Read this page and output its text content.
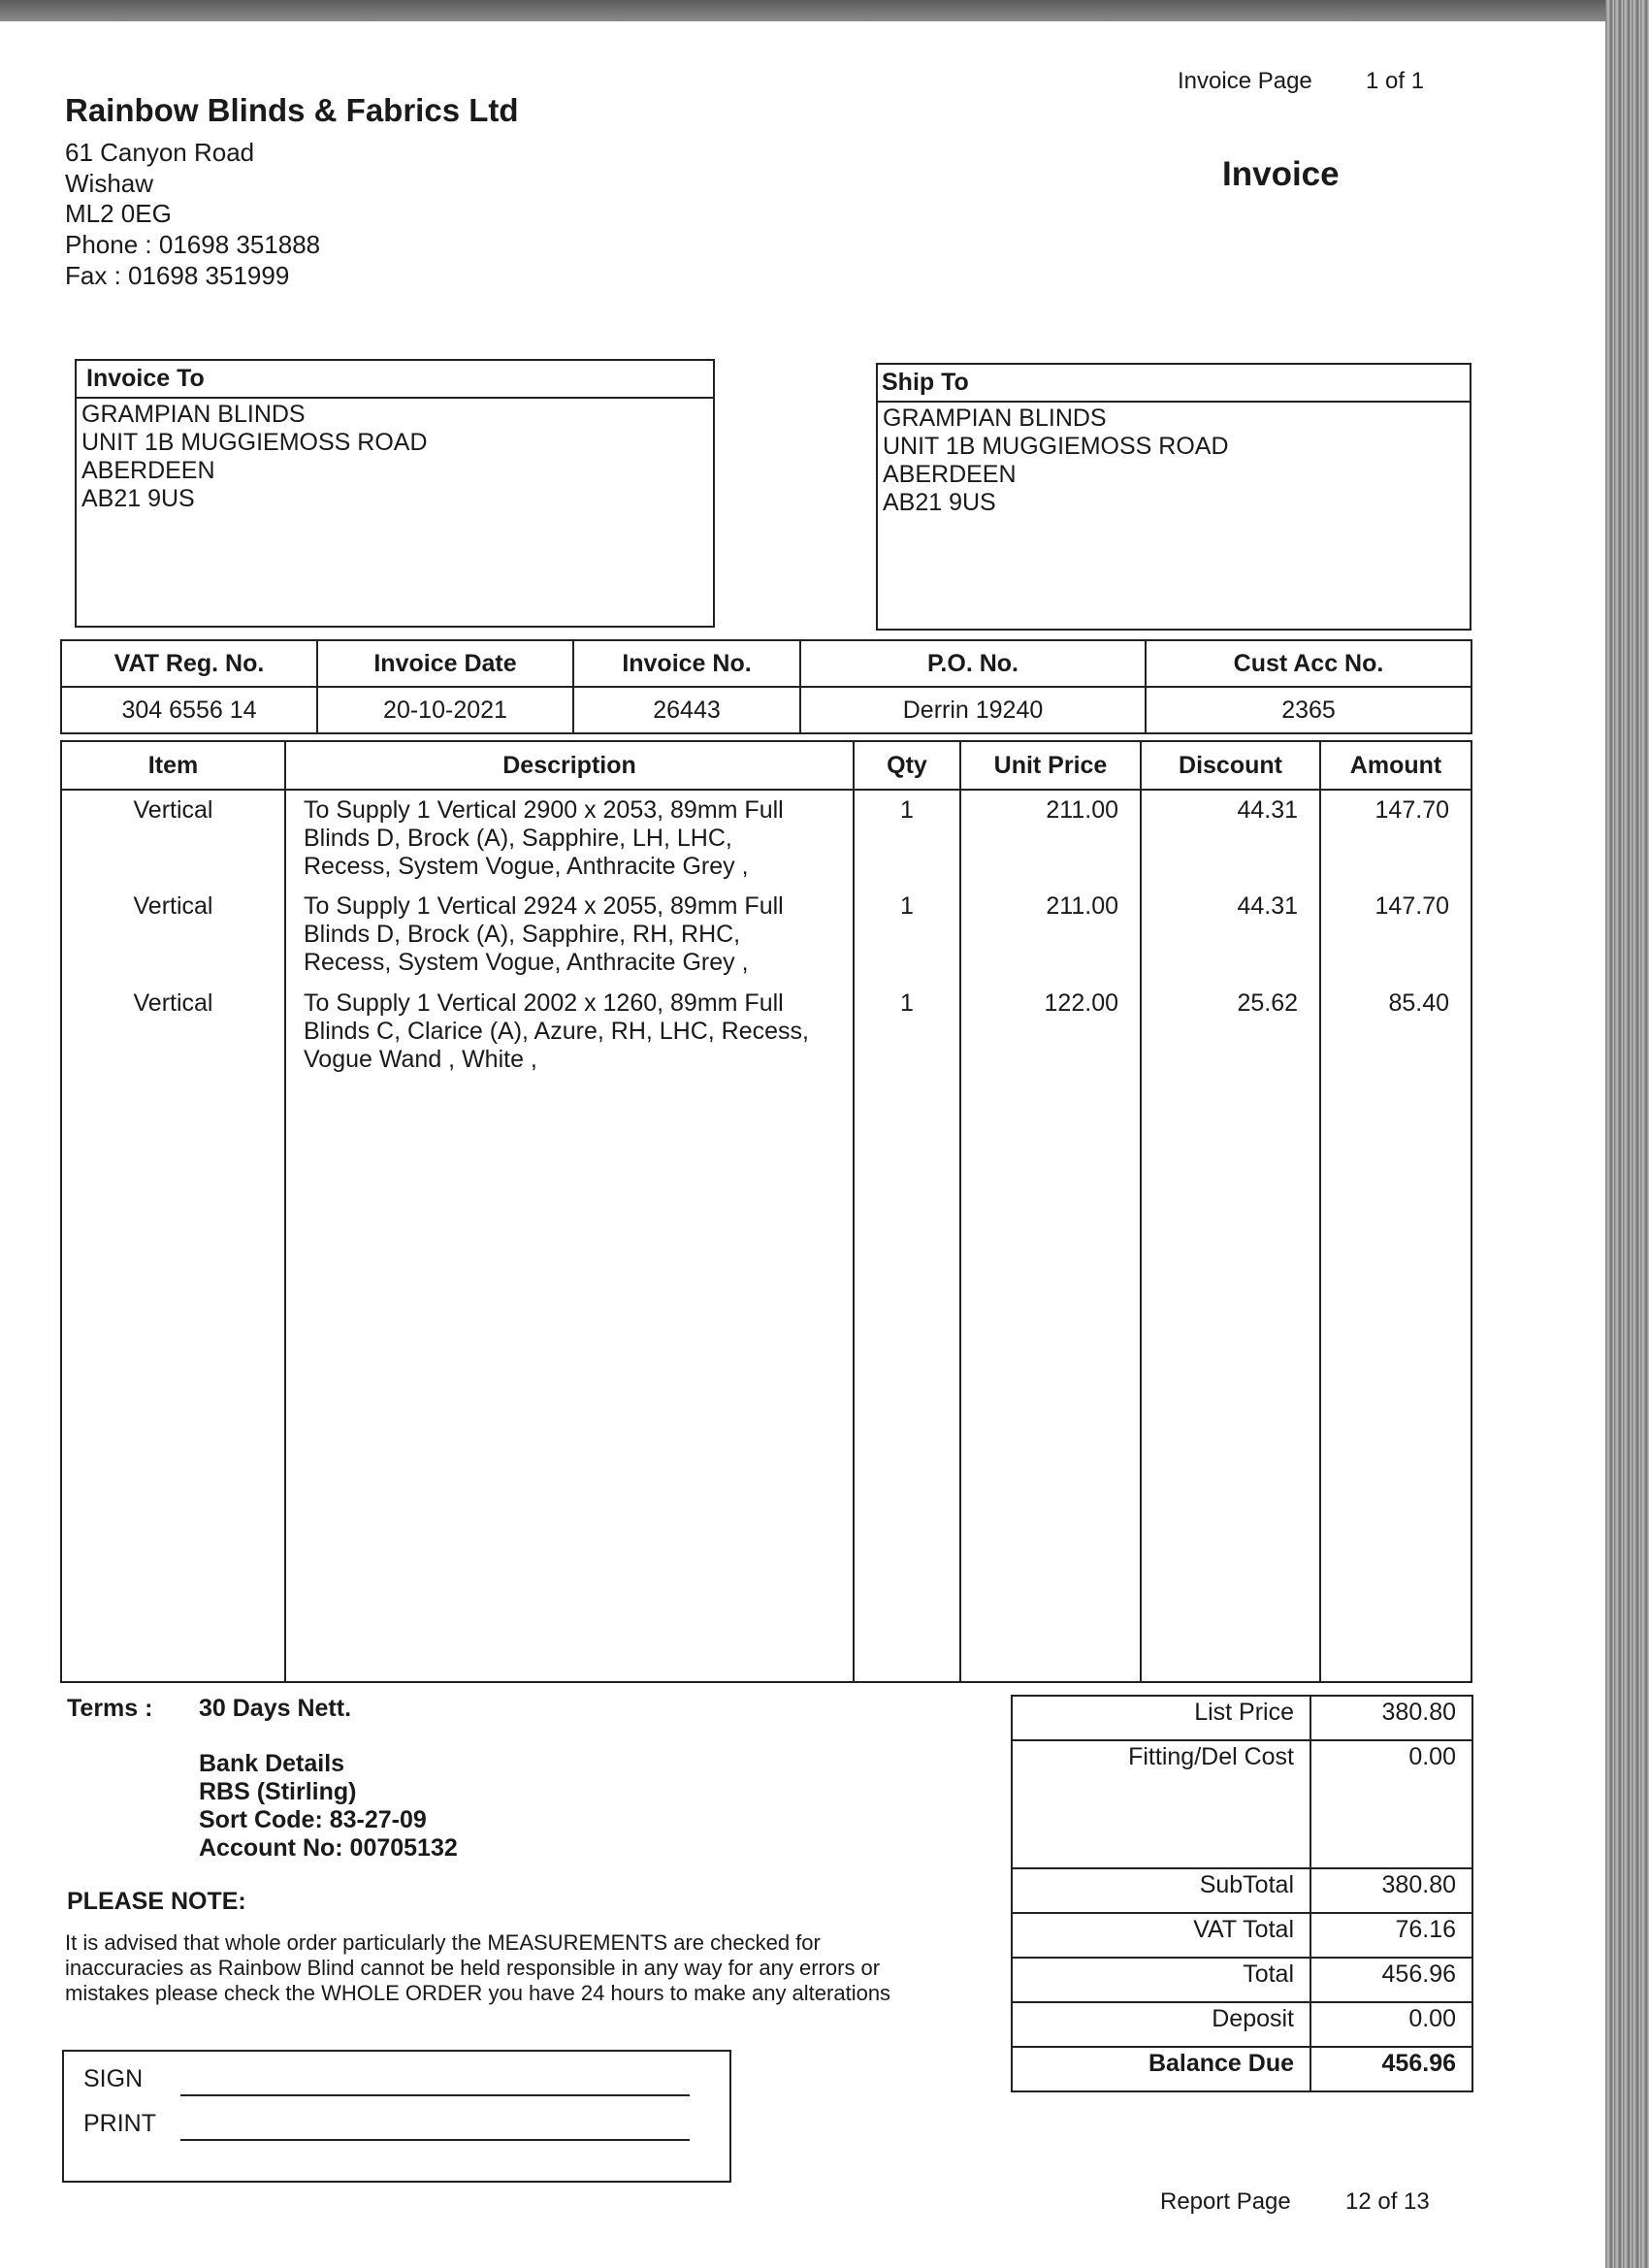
Invoice Page 1 of 1
Rainbow Blinds & Fabrics Ltd
61 Canyon Road
Wishaw
ML2 0EG
Phone : 01698 351888
Fax : 01698 351999
Invoice
Invoice To
GRAMPIAN BLINDS
UNIT 1B MUGGIEMOSS ROAD
ABERDEEN
AB21 9US
Ship To
GRAMPIAN BLINDS
UNIT 1B MUGGIEMOSS ROAD
ABERDEEN
AB21 9US
VAT Reg. No.	Invoice Date	Invoice No.	P.O. No.	Cust Acc No.
304 6556 14	20-10-2021	26443	Derrin 19240	2365
Item	Description	Qty	Unit Price	Discount	Amount
Vertical	To Supply 1 Vertical 2900 x 2053, 89mm Full
Blinds D, Brock (A), Sapphire, LH, LHC,
Recess, System Vogue, Anthracite Grey ,	1	211.00	44.31	147.70
Vertical	To Supply 1 Vertical 2924 x 2055, 89mm Full
Blinds D, Brock (A), Sapphire, RH, RHC,
Recess, System Vogue, Anthracite Grey ,	1	211.00	44.31	147.70
Vertical	To Supply 1 Vertical 2002 x 1260, 89mm Full
Blinds C, Clarice (A), Azure, RH, LHC, Recess,
Vogue Wand , White ,	1	122.00	25.62	85.40

Terms : 30 Days Nett.
Bank Details
RBS (Stirling)
Sort Code: 83-27-09
Account No: 00705132
PLEASE NOTE:
It is advised that whole order particularly the MEASUREMENTS are checked for
inaccuracies as Rainbow Blind cannot be held responsible in any way for any errors or
mistakes please check the WHOLE ORDER you have 24 hours to make any alterations
List Price	380.80
Fitting/Del Cost	0.00
SubTotal	380.80
VAT Total	76.16
Total	456.96
Deposit	0.00
Balance Due	456.96
SIGN
PRINT
Report Page 12 of 13
